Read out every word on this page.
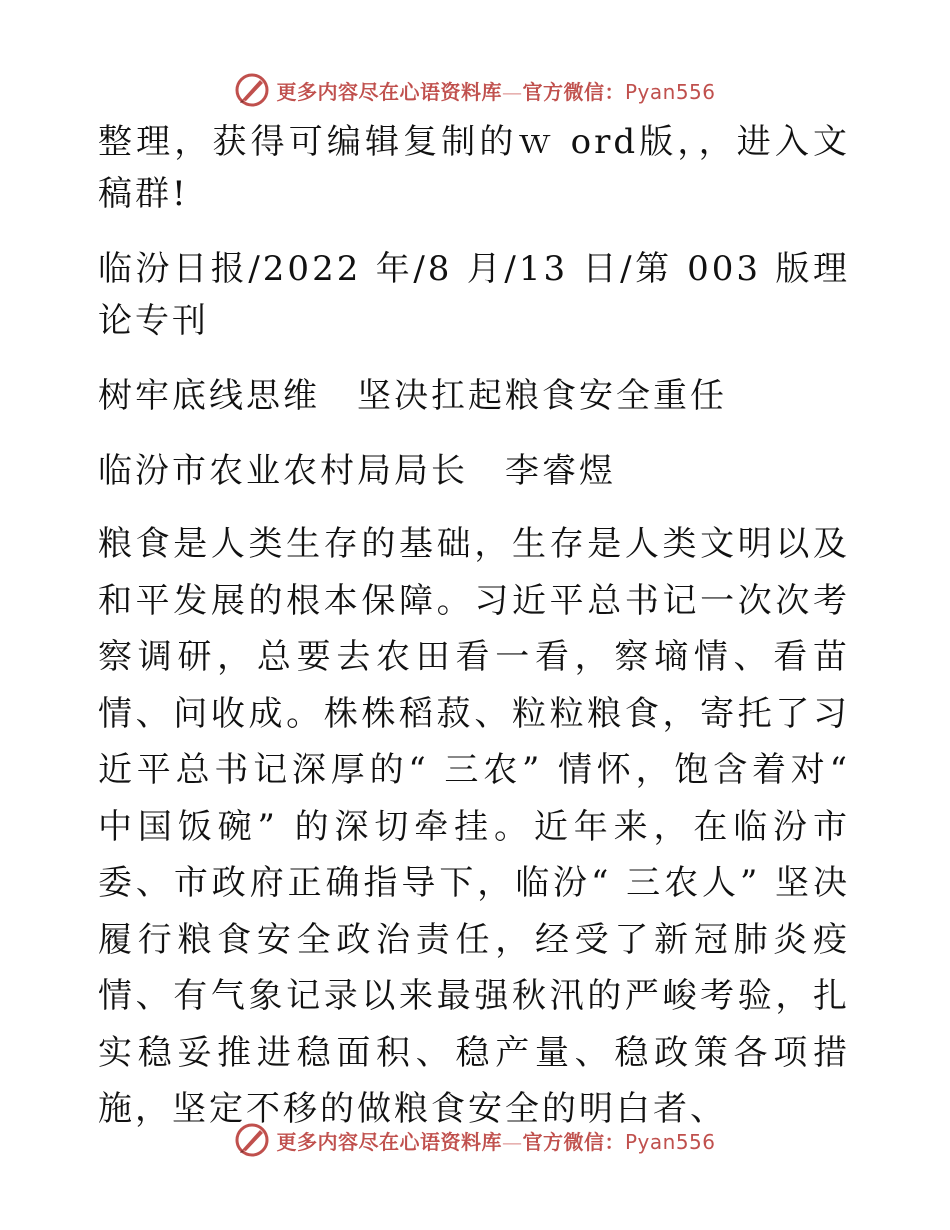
更多内容尽在心语资料库—官方微信：Pyan556

整理，获得可编辑复制的ｗ ord版，，进入文稿群!

临汾日报/2022 年/8 月/13 日/第 003 版理论专刊

树牢底线思维　坚决扛起粮食安全重任

临汾市农业农村局局长　李睿煜

粮食是人类生存的基础，生存是人类文明以及和平发展的根本保障。习近平总书记一次次考察调研，总要去农田看一看，察墒情、看苗情、问收成。株株稻菽、粒粒粮食，寄托了习近平总书记深厚的“ 三农” 情怀，饱含着对“ 中国饭碗” 的深切牵挂。近年来，在临汾市委、市政府正确指导下，临汾“ 三农人” 坚决履行粮食安全政治责任，经受了新冠肺炎疫情、有气象记录以来最强秋汛的严峻考验，扎实稳妥推进稳面积、稳产量、稳政策各项措施，坚定不移的做粮食安全的明白者、

更多内容尽在心语资料库—官方微信：Pyan556
